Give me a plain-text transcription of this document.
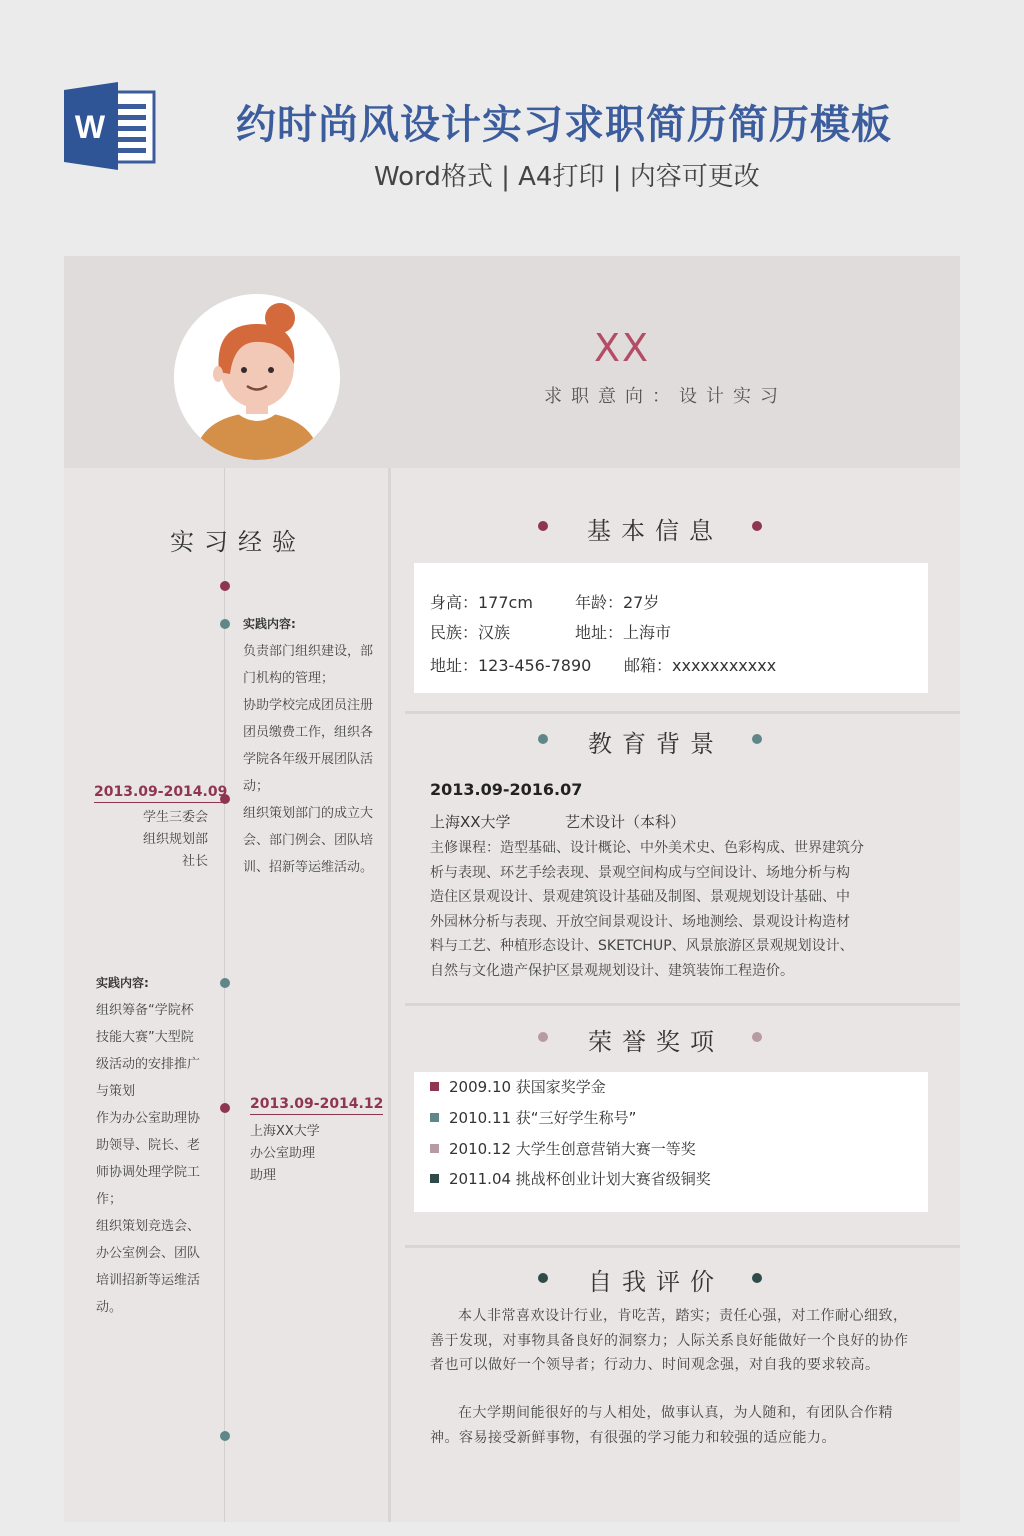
W	约时尚风设计实习求职简历简历模板
Word格式 | A4打印 | 内容可更改
XX
求职意向：设计实习
实习经验
实践内容:
负责部门组织建设，部
门机构的管理；
协助学校完成团员注册
团员缴费工作，组织各
学院各年级开展团队活
动；
组织策划部门的成立大
会、部门例会、团队培
训、招新等运维活动。
2013.09-2014.09
学生三委会
组织规划部
社长
实践内容:
组织筹备“学院杯
技能大赛”大型院
级活动的安排推广
与策划
作为办公室助理协
助领导、院长、老
师协调处理学院工
作；
组织策划竞选会、
办公室例会、团队
培训招新等运维活
动。
2013.09-2014.12
上海XX大学
办公室助理
助理
基本信息
身高：177cm	年龄：27岁
民族：汉族	地址：上海市
地址：123-456-7890 邮箱：xxxxxxxxxxx
教育背景
2013.09-2016.07
上海XX大学	艺术设计（本科）
主修课程：造型基础、设计概论、中外美术史、色彩构成、世界建筑分
析与表现、环艺手绘表现、景观空间构成与空间设计、场地分析与构
造住区景观设计、景观建筑设计基础及制图、景观规划设计基础、中
外园林分析与表现、开放空间景观设计、场地测绘、景观设计构造材
料与工艺、种植形态设计、SKETCHUP、风景旅游区景观规划设计、
自然与文化遗产保护区景观规划设计、建筑装饰工程造价。
荣誉奖项
2009.10 获国家奖学金
2010.11 获“三好学生称号”
2010.12 大学生创意营销大赛一等奖
2011.04 挑战杯创业计划大赛省级铜奖
自我评价
本人非常喜欢设计行业，肯吃苦，踏实；责任心强，对工作耐心细致，善于发现，对事物具备良好的洞察力；人际关系良好能做好一个良好的协作者也可以做好一个领导者；行动力、时间观念强，对自我的要求较高。
在大学期间能很好的与人相处，做事认真，为人随和，有团队合作精神。容易接受新鲜事物，有很强的学习能力和较强的适应能力。
